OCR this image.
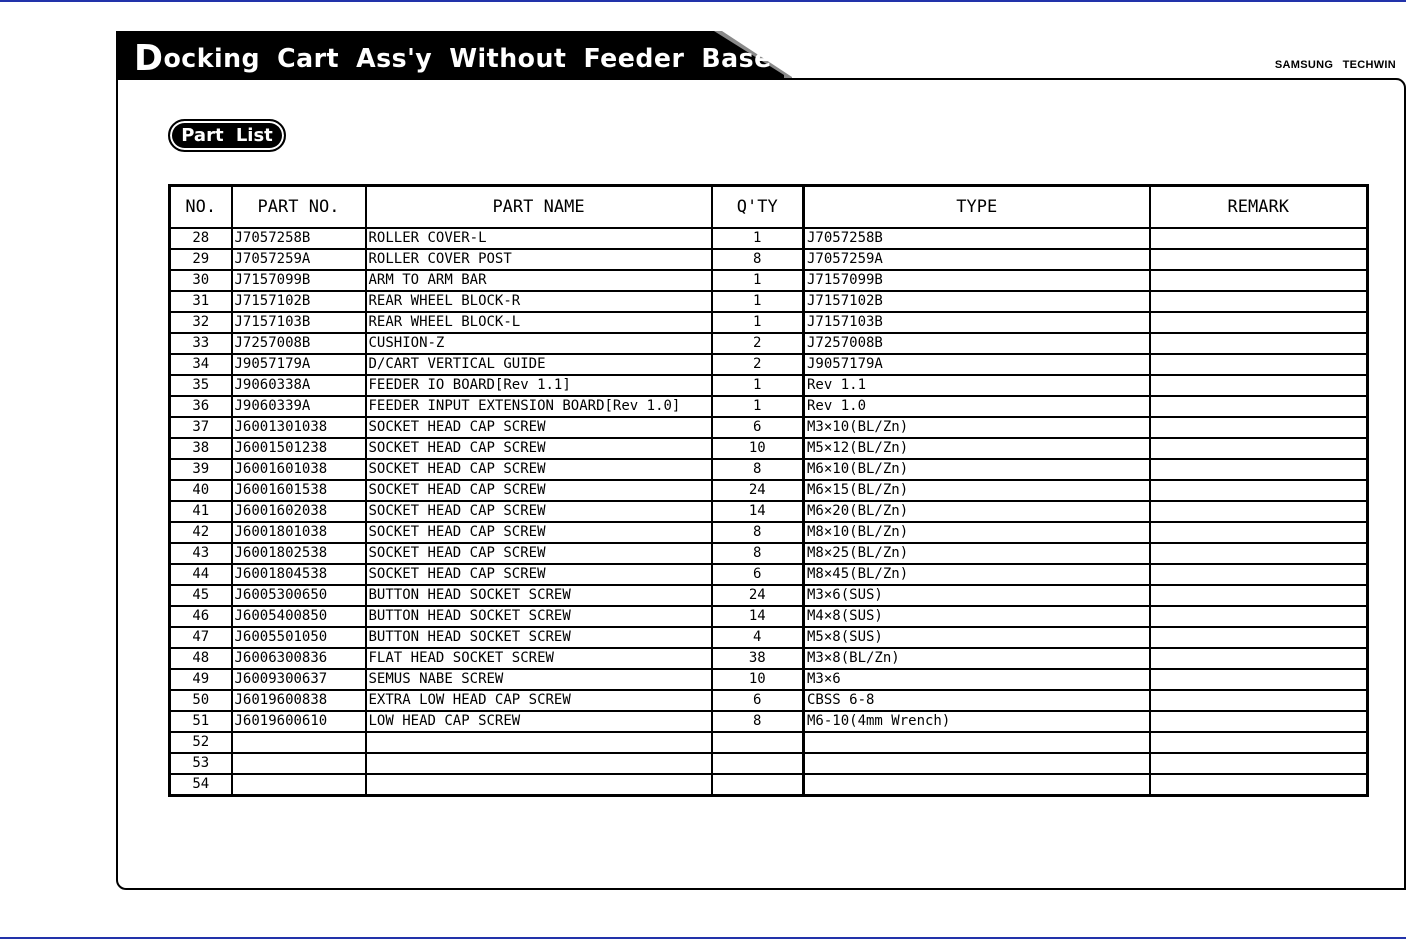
Docking Cart Ass'y Without Feeder Base	SAMSUNG TECHWIN
Part List
NO.	PART NO.	PART NAME	Q'TY	TYPE	REMARK
28	J7057258B	ROLLER COVER-L	1	J7057258B	
29	J7057259A	ROLLER COVER POST	8	J7057259A	
30	J7157099B	ARM TO ARM BAR	1	J7157099B	
31	J7157102B	REAR WHEEL BLOCK-R	1	J7157102B	
32	J7157103B	REAR WHEEL BLOCK-L	1	J7157103B	
33	J7257008B	CUSHION-Z	2	J7257008B	
34	J9057179A	D/CART VERTICAL GUIDE	2	J9057179A	
35	J9060338A	FEEDER IO BOARD[Rev 1.1]	1	Rev 1.1	
36	J9060339A	FEEDER INPUT EXTENSION BOARD[Rev 1.0]	1	Rev 1.0	
37	J6001301038	SOCKET HEAD CAP SCREW	6	M3×10(BL/Zn)	
38	J6001501238	SOCKET HEAD CAP SCREW	10	M5×12(BL/Zn)	
39	J6001601038	SOCKET HEAD CAP SCREW	8	M6×10(BL/Zn)	
40	J6001601538	SOCKET HEAD CAP SCREW	24	M6×15(BL/Zn)	
41	J6001602038	SOCKET HEAD CAP SCREW	14	M6×20(BL/Zn)	
42	J6001801038	SOCKET HEAD CAP SCREW	8	M8×10(BL/Zn)	
43	J6001802538	SOCKET HEAD CAP SCREW	8	M8×25(BL/Zn)	
44	J6001804538	SOCKET HEAD CAP SCREW	6	M8×45(BL/Zn)	
45	J6005300650	BUTTON HEAD SOCKET SCREW	24	M3×6(SUS)	
46	J6005400850	BUTTON HEAD SOCKET SCREW	14	M4×8(SUS)	
47	J6005501050	BUTTON HEAD SOCKET SCREW	4	M5×8(SUS)	
48	J6006300836	FLAT HEAD SOCKET SCREW	38	M3×8(BL/Zn)	
49	J6009300637	SEMUS NABE SCREW	10	M3×6	
50	J6019600838	EXTRA LOW HEAD CAP SCREW	6	CBSS 6-8	
51	J6019600610	LOW HEAD CAP SCREW	8	M6-10(4mm Wrench)	
52					
53					
54					
